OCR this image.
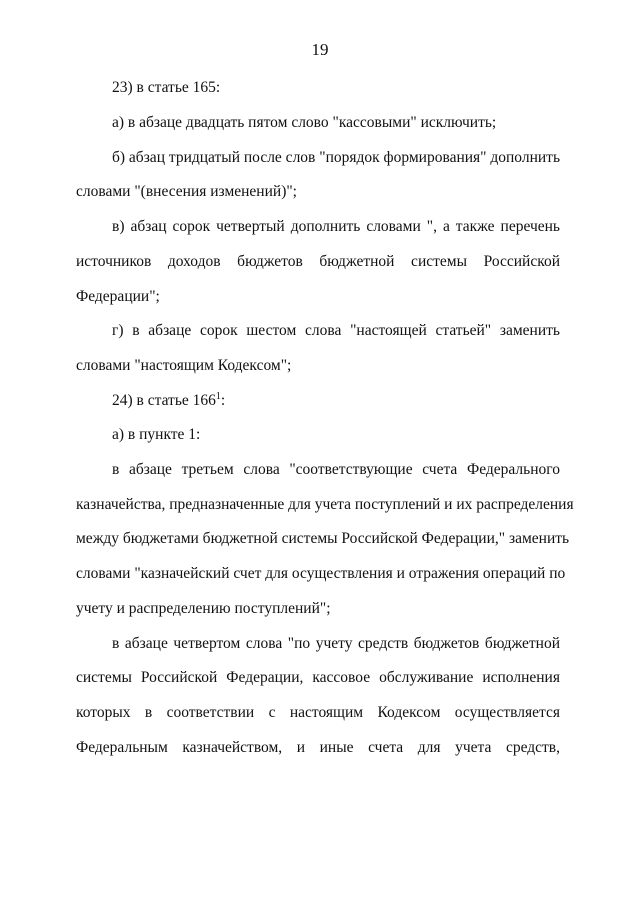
19
23) в статье 165:
а) в абзаце двадцать пятом слово "кассовыми" исключить;
б) абзац тридцатый после слов "порядок формирования" дополнить
словами "(внесения изменений)";
в) абзац сорок четвертый дополнить словами ", а также перечень
источников доходов бюджетов бюджетной системы Российской
Федерации";
г) в абзаце сорок шестом слова "настоящей статьей" заменить
словами "настоящим Кодексом";
24) в статье $166^1$:
а) в пункте 1:
в абзаце третьем слова "соответствующие счета Федерального
казначейства, предназначенные для учета поступлений и их распределения
между бюджетами бюджетной системы Российской Федерации," заменить
словами "казначейский счет для осуществления и отражения операций по
учету и распределению поступлений";
в абзаце четвертом слова "по учету средств бюджетов бюджетной
системы Российской Федерации, кассовое обслуживание исполнения
которых в соответствии с настоящим Кодексом осуществляется
Федеральным казначейством, и иные счета для учета средств,
